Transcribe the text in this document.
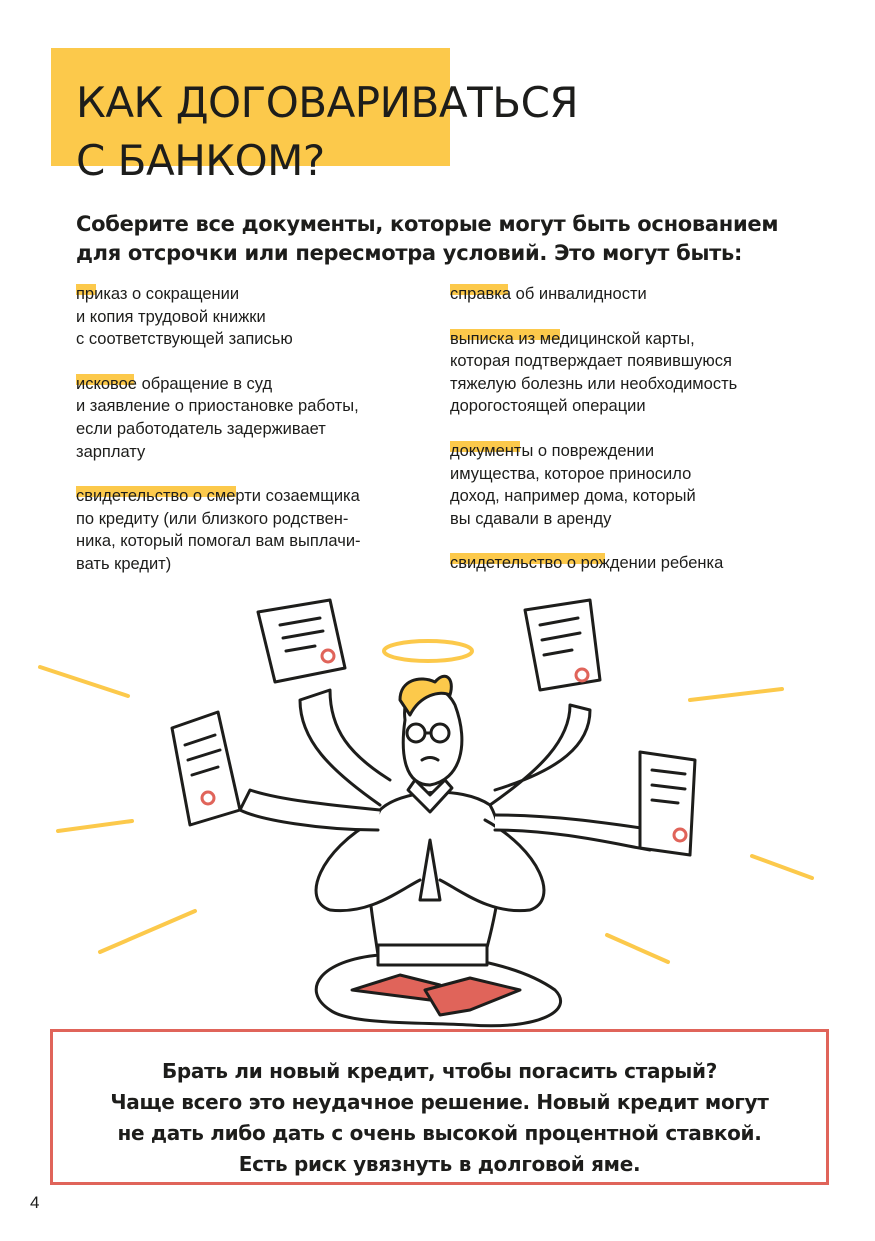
КАК ДОГОВАРИВАТЬСЯ
С БАНКОМ?

Соберите все документы, которые могут быть основанием
для отсрочки или пересмотра условий. Это могут быть:

приказ о сокращении
и копия трудовой книжки
с соответствующей записью
исковое обращение в суд
и заявление о приостановке работы,
если работодатель задерживает
зарплату
свидетельство о смерти созаемщика
по кредиту (или близкого родствен-
ника, который помогал вам выплачи-
вать кредит)
справка об инвалидности
выписка из медицинской карты,
которая подтверждает появившуюся
тяжелую болезнь или необходимость
дорогостоящей операции
документы о повреждении
имущества, которое приносило
доход, например дома, который
вы сдавали в аренду
свидетельство о рождении ребенка
Брать ли новый кредит, чтобы погасить старый?
Чаще всего это неудачное решение. Новый кредит могут
не дать либо дать с очень высокой процентной ставкой.
Есть риск увязнуть в долговой яме.
4
